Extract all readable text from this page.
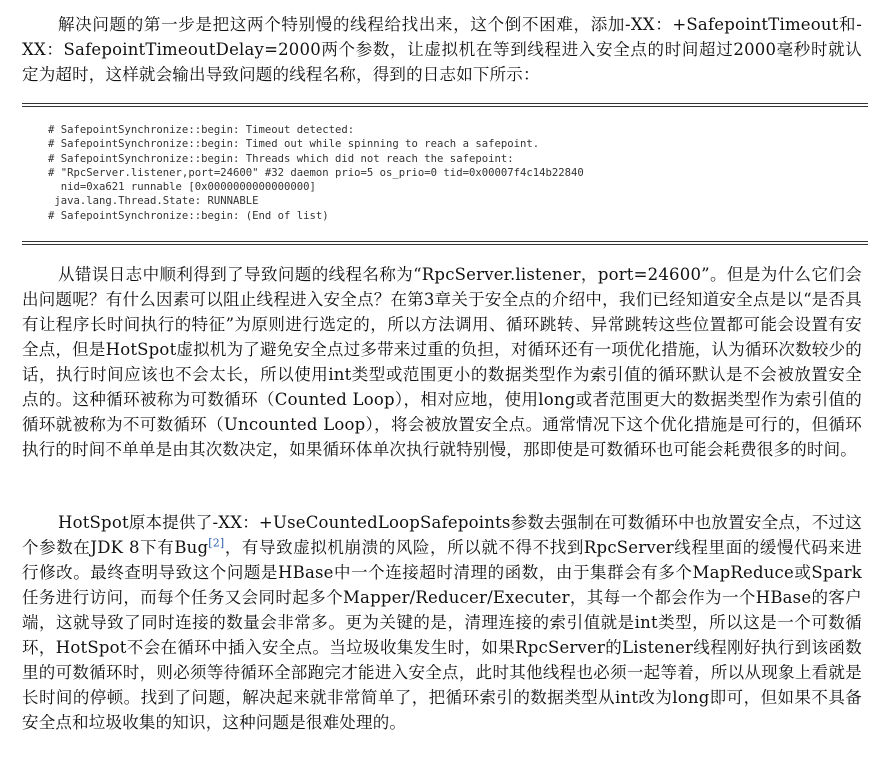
解决问题的第一步是把这两个特别慢的线程给找出来，这个倒不困难，添加-XX：+SafepointTimeout和-XX：SafepointTimeoutDelay=2000两个参数，让虚拟机在等到线程进入安全点的时间超过2000毫秒时就认定为超时，这样就会输出导致问题的线程名称，得到的日志如下所示：

# SafepointSynchronize::begin: Timeout detected:
# SafepointSynchronize::begin: Timed out while spinning to reach a safepoint.
# SafepointSynchronize::begin: Threads which did not reach the safepoint:
# "RpcServer.listener,port=24600" #32 daemon prio=5 os_prio=0 tid=0x00007f4c14b22840
nid=0xa621 runnable [0x0000000000000000]
java.lang.Thread.State: RUNNABLE
# SafepointSynchronize::begin: (End of list)

从错误日志中顺利得到了导致问题的线程名称为“RpcServer.listener，port=24600”。但是为什么它们会出问题呢？有什么因素可以阻止线程进入安全点？在第3章关于安全点的介绍中，我们已经知道安全点是以“是否具有让程序长时间执行的特征”为原则进行选定的，所以方法调用、循环跳转、异常跳转这些位置都可能会设置有安全点，但是HotSpot虚拟机为了避免安全点过多带来过重的负担，对循环还有一项优化措施，认为循环次数较少的话，执行时间应该也不会太长，所以使用int类型或范围更小的数据类型作为索引值的循环默认是不会被放置安全点的。这种循环被称为可数循环（Counted Loop），相对应地，使用long或者范围更大的数据类型作为索引值的循环就被称为不可数循环（Uncounted Loop），将会被放置安全点。通常情况下这个优化措施是可行的，但循环执行的时间不单单是由其次数决定，如果循环体单次执行就特别慢，那即使是可数循环也可能会耗费很多的时间。

HotSpot原本提供了-XX：+UseCountedLoopSafepoints参数去强制在可数循环中也放置安全点，不过这个参数在JDK 8下有Bug[2]，有导致虚拟机崩溃的风险，所以就不得不找到RpcServer线程里面的缓慢代码来进行修改。最终查明导致这个问题是HBase中一个连接超时清理的函数，由于集群会有多个MapReduce或Spark任务进行访问，而每个任务又会同时起多个Mapper/Reducer/Executer，其每一个都会作为一个HBase的客户端，这就导致了同时连接的数量会非常多。更为关键的是，清理连接的索引值就是int类型，所以这是一个可数循环，HotSpot不会在循环中插入安全点。当垃圾收集发生时，如果RpcServer的Listener线程刚好执行到该函数里的可数循环时，则必须等待循环全部跑完才能进入安全点，此时其他线程也必须一起等着，所以从现象上看就是长时间的停顿。找到了问题，解决起来就非常简单了，把循环索引的数据类型从int改为long即可，但如果不具备安全点和垃圾收集的知识，这种问题是很难处理的。
